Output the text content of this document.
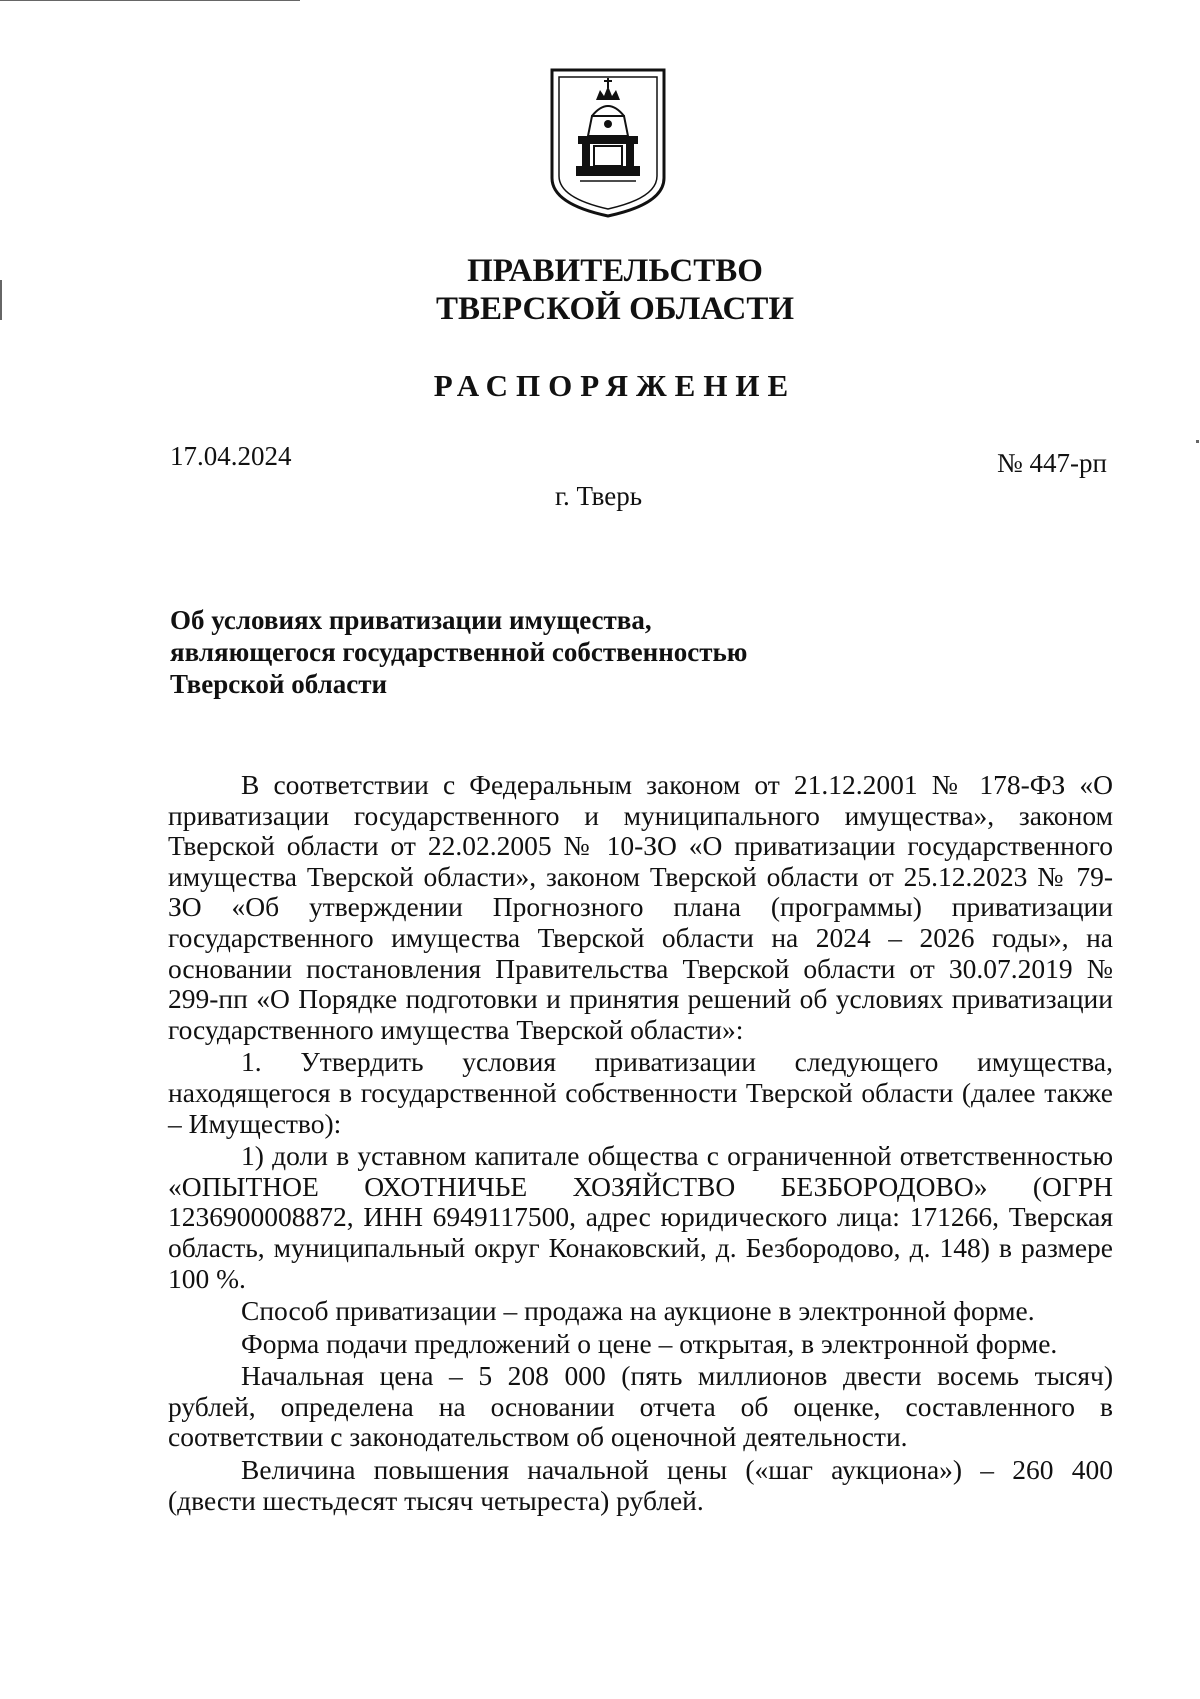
ПРАВИТЕЛЬСТВО
ТВЕРСКОЙ ОБЛАСТИ
РАСПОРЯЖЕНИЕ
17.04.2024	№ 447-рп
г. Тверь
Об условиях приватизации имущества,
являющегося государственной собственностью
Тверской области

В соответствии с Федеральным законом от 21.12.2001 № 178-ФЗ «О приватизации государственного и муниципального имущества», законом Тверской области от 22.02.2005 № 10-ЗО «О приватизации государственного имущества Тверской области», законом Тверской области от 25.12.2023 № 79-ЗО «Об утверждении Прогнозного плана (программы) приватизации государственного имущества Тверской области на 2024 – 2026 годы», на основании постановления Правительства Тверской области от 30.07.2019 № 299-пп «О Порядке подготовки и принятия решений об условиях приватизации государственного имущества Тверской области»:

1. Утвердить условия приватизации следующего имущества, находящегося в государственной собственности Тверской области (далее также – Имущество):

1) доли в уставном капитале общества с ограниченной ответственностью «ОПЫТНОЕ ОХОТНИЧЬЕ ХОЗЯЙСТВО БЕЗБОРОДОВО» (ОГРН 1236900008872, ИНН 6949117500, адрес юридического лица: 171266, Тверская область, муниципальный округ Конаковский, д. Безбородово, д. 148) в размере 100 %.

Способ приватизации – продажа на аукционе в электронной форме.

Форма подачи предложений о цене – открытая, в электронной форме.

Начальная цена – 5 208 000 (пять миллионов двести восемь тысяч) рублей, определена на основании отчета об оценке, составленного в соответствии с законодательством об оценочной деятельности.

Величина повышения начальной цены («шаг аукциона») – 260 400 (двести шестьдесят тысяч четыреста) рублей.
